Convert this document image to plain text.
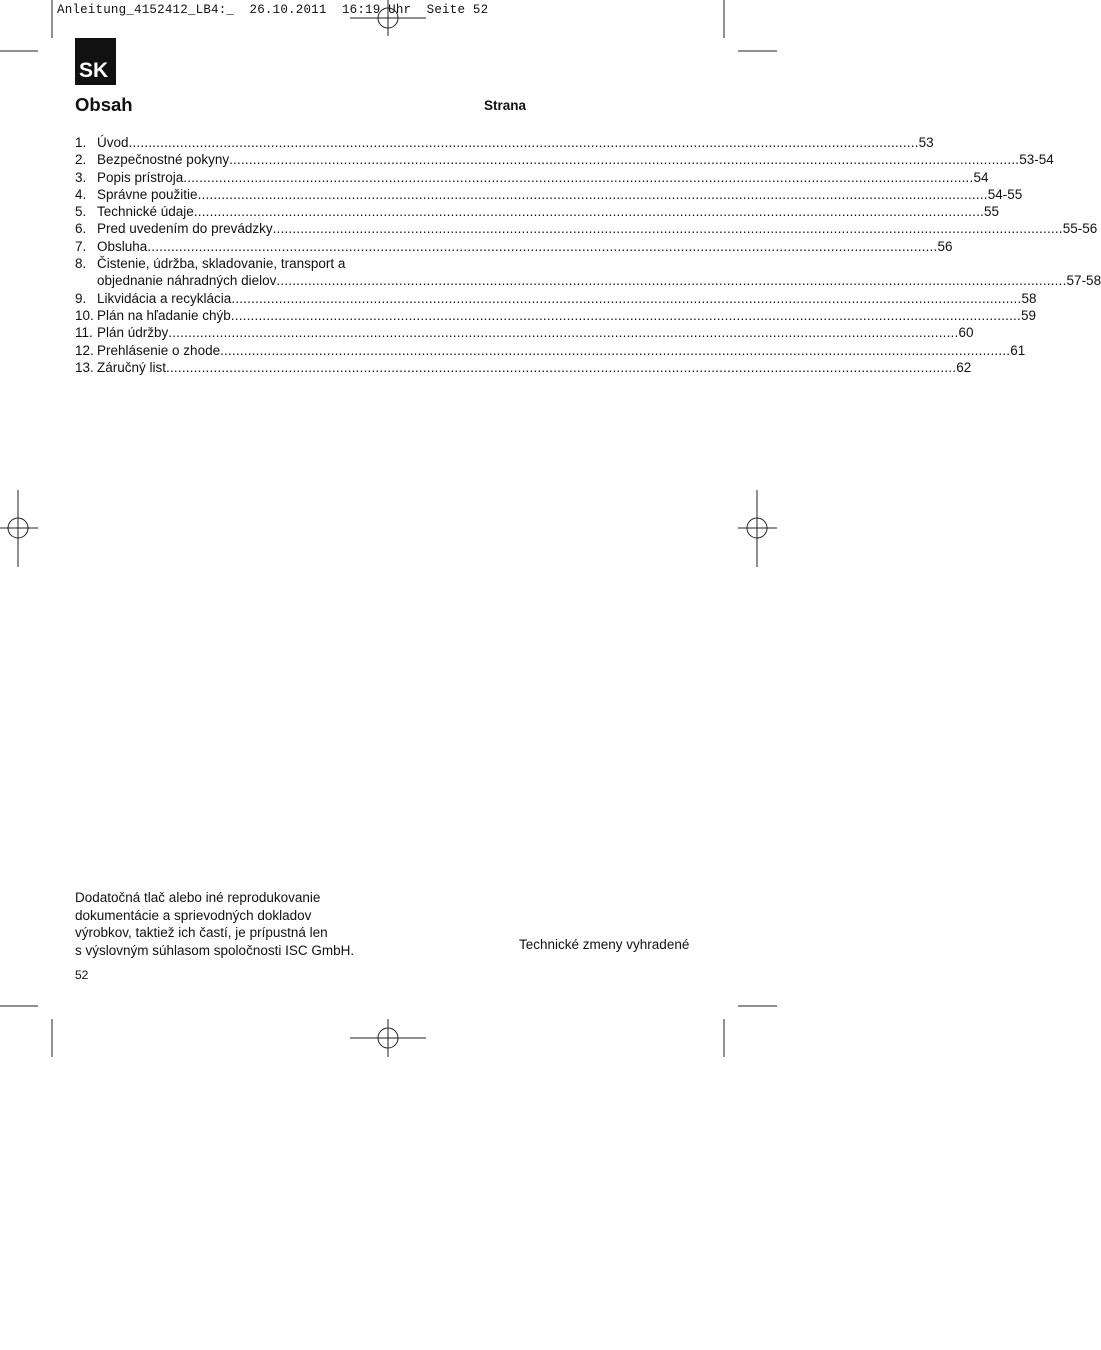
Anleitung_4152412_LB4:_  26.10.2011  16:19 Uhr  Seite 52
SK
Obsah	Strana
1. Úvod ........................................................................................................................................................................................................ 53
2. Bezpečnostné pokyny ........................................................................................................................................................................................................ 53-54
3. Popis prístroja ........................................................................................................................................................................................................ 54
4. Správne použitie ........................................................................................................................................................................................................ 54-55
5. Technické údaje ........................................................................................................................................................................................................ 55
6. Pred uvedením do prevádzky ........................................................................................................................................................................................................ 55-56
7. Obsluha ........................................................................................................................................................................................................ 56
8. Čistenie, údržba, skladovanie, transport a
objednanie náhradných dielov ........................................................................................................................................................................................................ 57-58
9. Likvidácia a recyklácia ........................................................................................................................................................................................................ 58
10. Plán na hľadanie chýb ........................................................................................................................................................................................................ 59
11. Plán údržby ........................................................................................................................................................................................................ 60
12. Prehlásenie o zhode ........................................................................................................................................................................................................ 61
13. Záručný list ........................................................................................................................................................................................................ 62
Dodatočná tlač alebo iné reprodukovanie
dokumentácie a sprievodných dokladov
výrobkov, taktiež ich častí, je prípustná len
s výslovným súhlasom spoločnosti ISC GmbH.	Technické zmeny vyhradené
52
